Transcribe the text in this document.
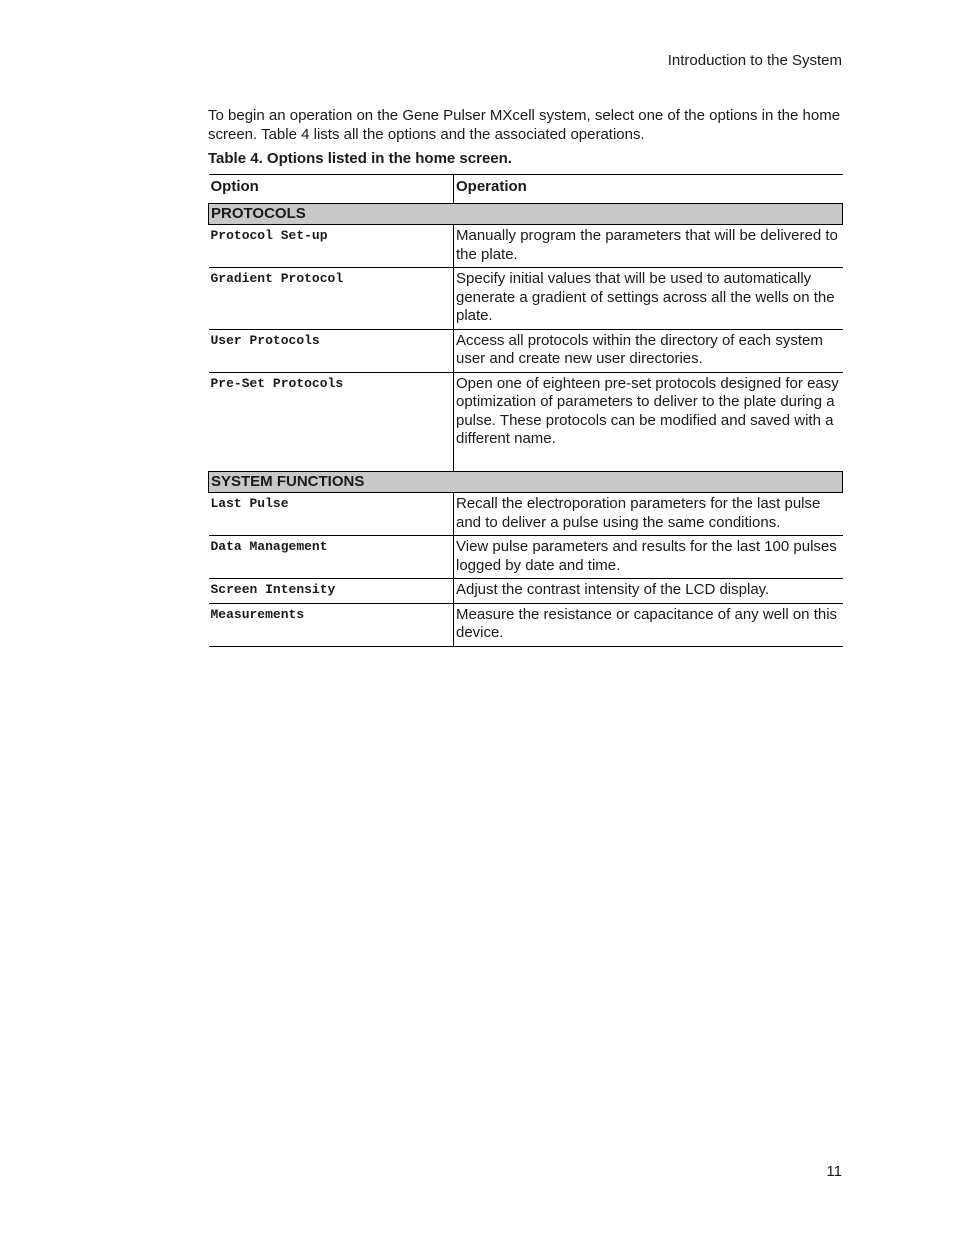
Introduction to the System

To begin an operation on the Gene Pulser MXcell system, select one of the options in the home screen. Table 4 lists all the options and the associated operations.

Table 4. Options listed in the home screen.

Option	Operation
PROTOCOLS	
Protocol Set-up	Manually program the parameters that will be delivered to the plate.
Gradient Protocol	Specify initial values that will be used to automatically generate a gradient of settings across all the wells on the plate.
User Protocols	Access all protocols within the directory of each system user and create new user directories.
Pre-Set Protocols	Open one of eighteen pre-set protocols designed for easy optimization of parameters to deliver to the plate during a pulse. These protocols can be modified and saved with a different name.
SYSTEM FUNCTIONS	
Last Pulse	Recall the electroporation parameters for the last pulse and to deliver a pulse using the same conditions.
Data Management	View pulse parameters and results for the last 100 pulses logged by date and time.
Screen Intensity	Adjust the contrast intensity of the LCD display.
Measurements	Measure the resistance or capacitance of any well on this device.
11
